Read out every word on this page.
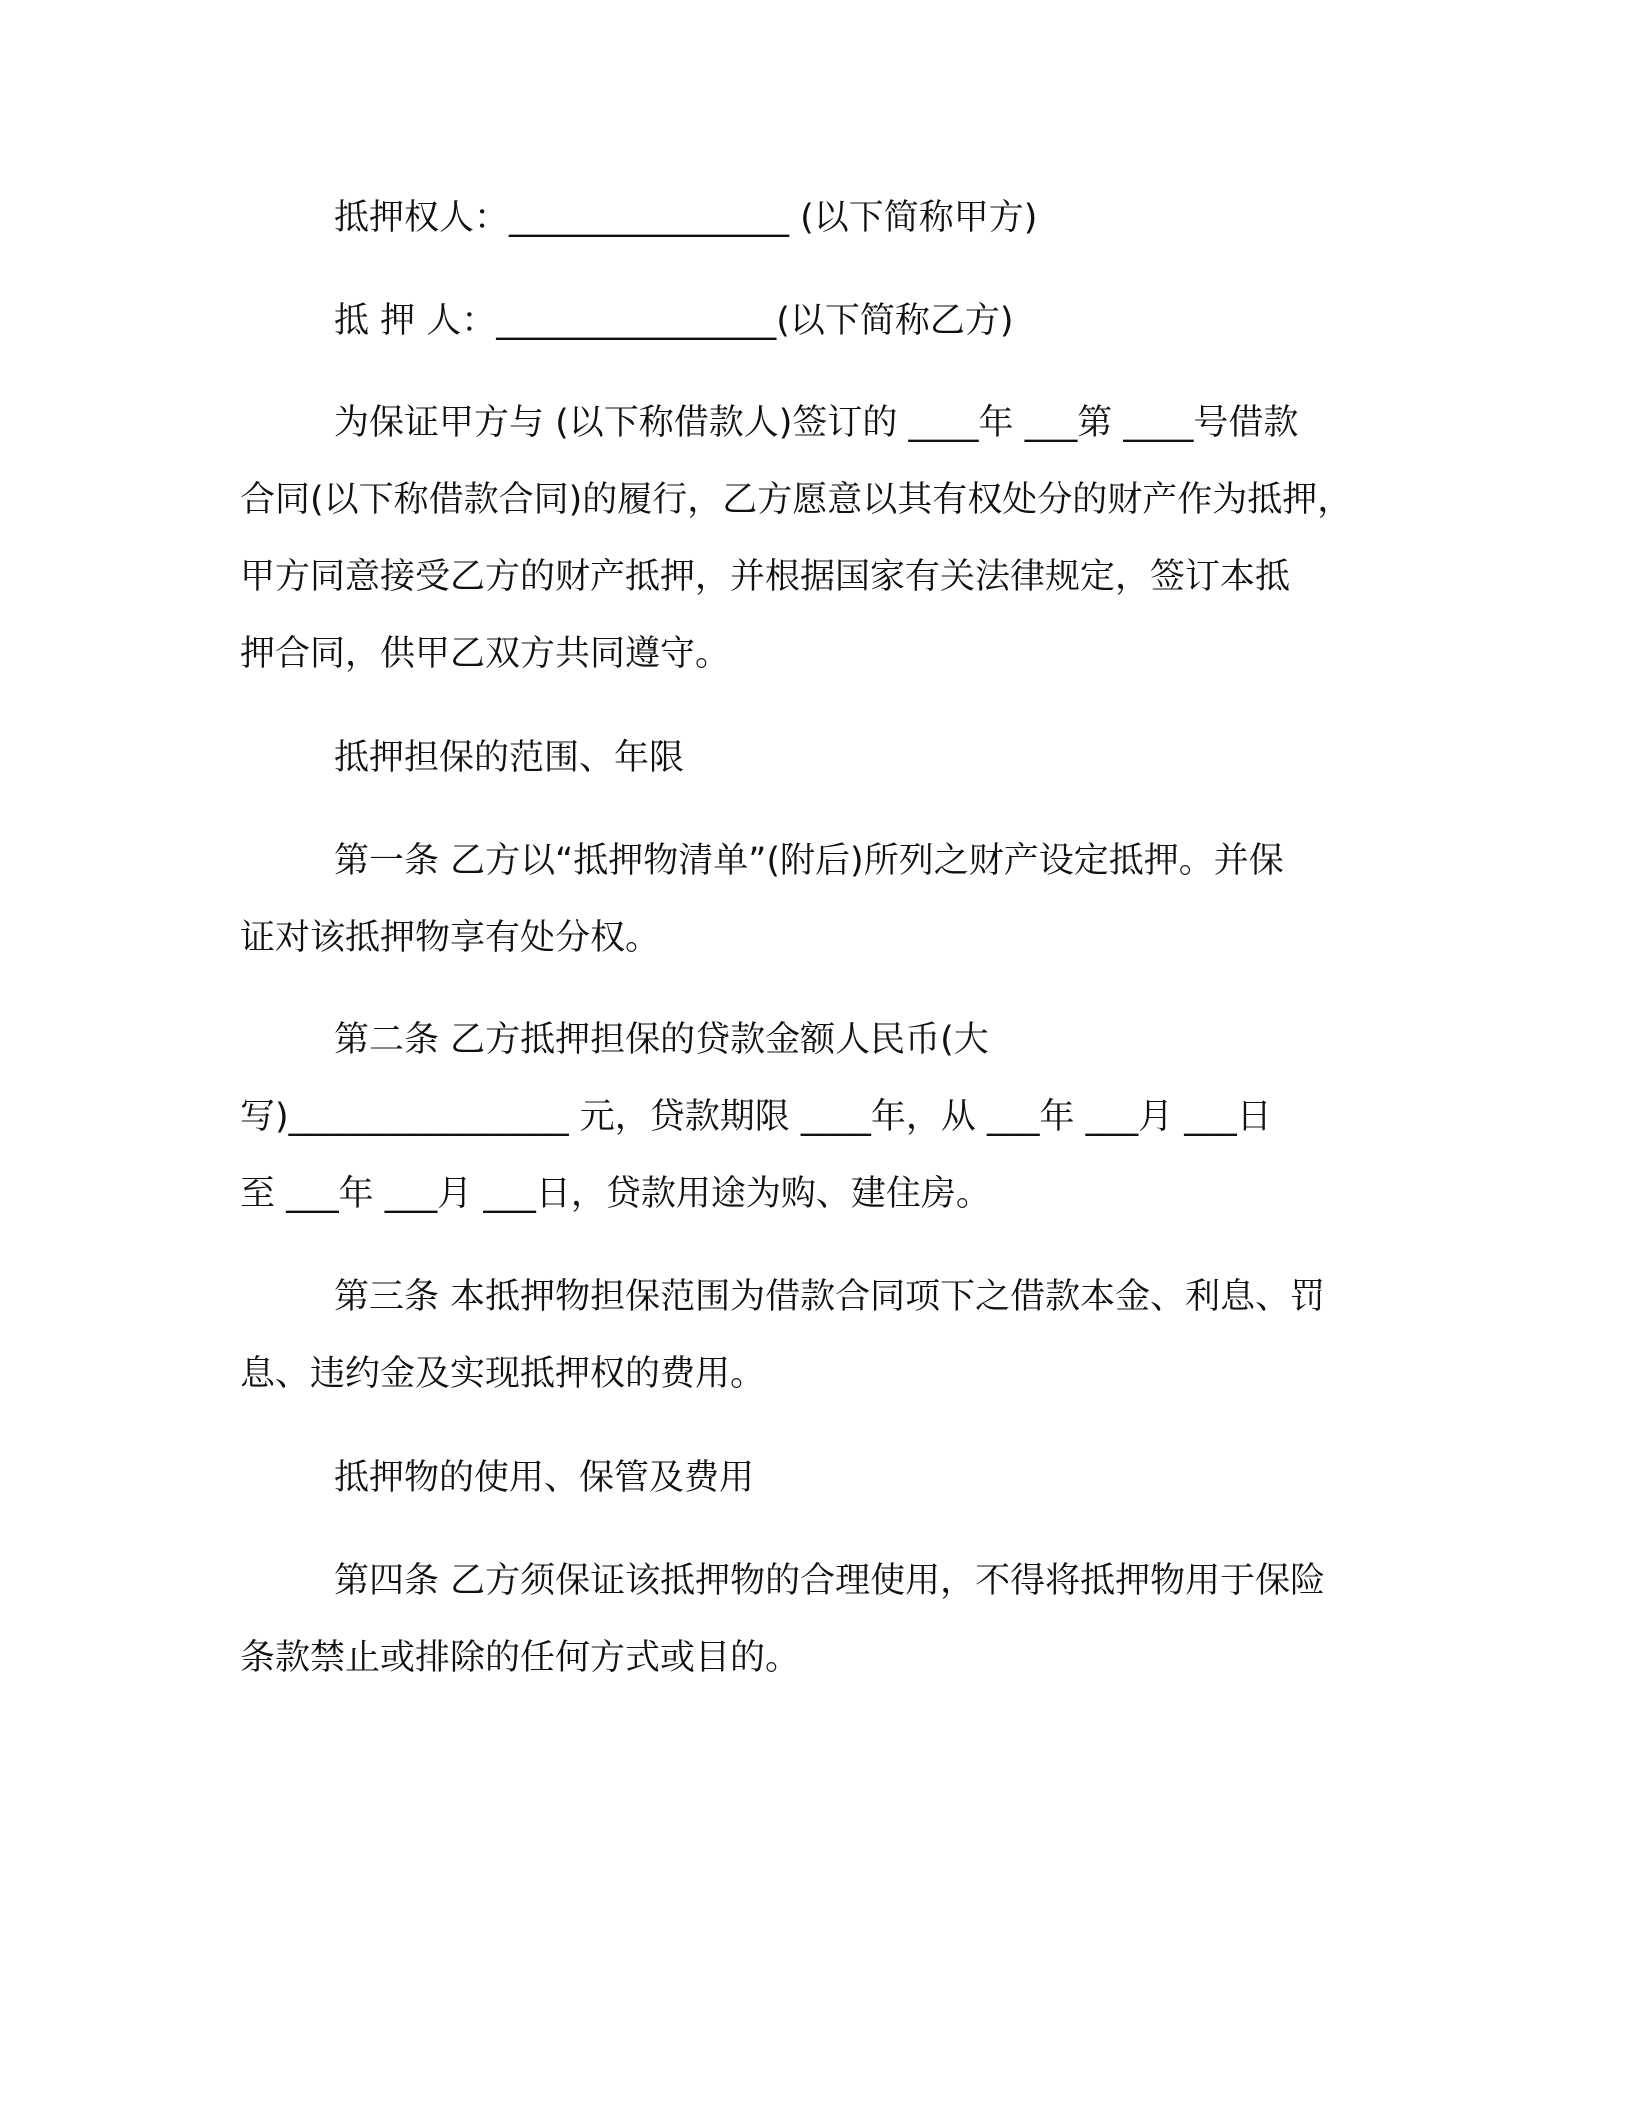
抵押权人：________________ (以下简称甲方)
抵 押 人：________________(以下简称乙方)
为保证甲方与 (以下称借款人)签订的 ____年 ___第 ____号借款
合同(以下称借款合同)的履行，乙方愿意以其有权处分的财产作为抵押，
甲方同意接受乙方的财产抵押，并根据国家有关法律规定，签订本抵
押合同，供甲乙双方共同遵守。
抵押担保的范围、年限
第一条 乙方以“抵押物清单”(附后)所列之财产设定抵押。并保
证对该抵押物享有处分权。
第二条 乙方抵押担保的贷款金额人民币(大
写)________________ 元，贷款期限 ____年，从 ___年 ___月 ___日
至 ___年 ___月 ___日，贷款用途为购、建住房。
第三条 本抵押物担保范围为借款合同项下之借款本金、利息、罚
息、违约金及实现抵押权的费用。
抵押物的使用、保管及费用
第四条 乙方须保证该抵押物的合理使用，不得将抵押物用于保险
条款禁止或排除的任何方式或目的。
